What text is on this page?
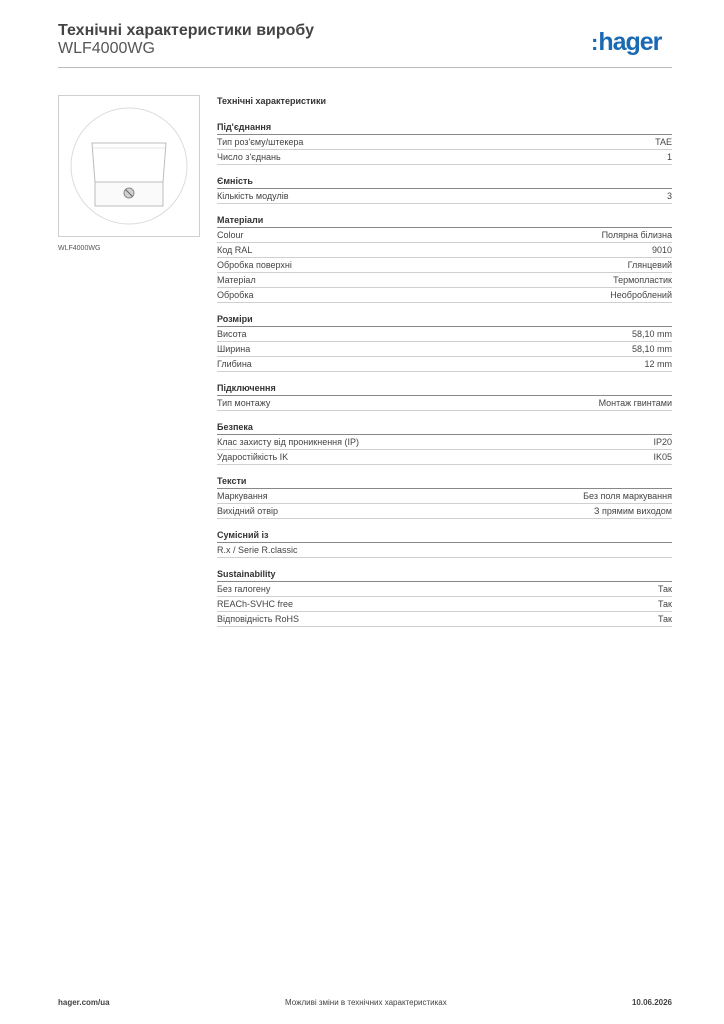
Технічні характеристики виробу
WLF4000WG	:hager
WLF4000WG
Технічні характеристики
Під'єднання
Тип роз'єму/штекера	TAE
Число з'єднань	1
Ємність
Кількість модулів	3
Матеріали
Colour	Полярна білизна
Код RAL	9010
Обробка поверхні	Глянцевий
Матеріал	Термопластик
Обробка	Необроблений
Розміри
Висота	58,10 mm
Ширина	58,10 mm
Глибина	12 mm
Підключення
Тип монтажу	Монтаж гвинтами
Безпека
Клас захисту від проникнення (IP)	IP20
Ударостійкість IK	IK05
Тексти
Маркування	Без поля маркування
Вихідний отвір	З прямим виходом
Сумісний із
R.x / Serie R.classic
Sustainability
Без галогену	Так
REACh-SVHC free	Так
Відповідність RoHS	Так
hager.com/ua	Можливі зміни в технічних характеристиках	10.06.2026
